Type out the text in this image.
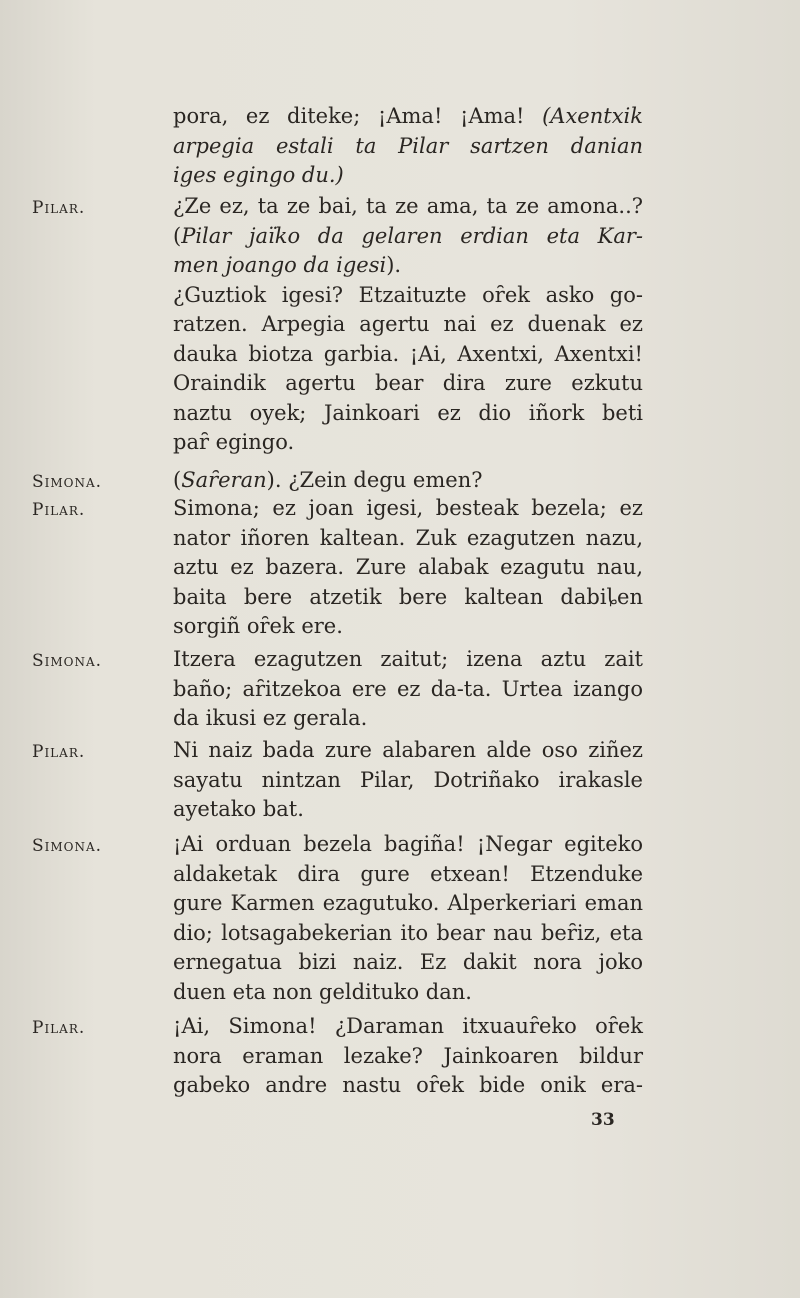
pora, ez diteke; ¡Ama! ¡Ama! (Axentxik
arpegia estali ta Pilar sartzen danian
iges egingo du.)
Pilar.	¿Ze ez, ta ze bai, ta ze ama, ta ze amona..?
(Pilar jaïko da gelaren erdian eta Kar-
men joango da igesi).
¿Guztiok igesi? Etzaituzte oȓek asko go-
ratzen. Arpegia agertu nai ez duenak ez
dauka biotza garbia. ¡Ai, Axentxi, Axentxi!
Oraindik agertu bear dira zure ezkutu
naztu oyek; Jainkoari ez dio iñork beti
paȓ egingo.
Simona.	(Saȓeran). ¿Zein degu emen?
Pilar.	Simona; ez joan igesi, besteak bezela; ez
nator iñoren kaltean. Zuk ezagutzen nazu,
aztu ez bazera. Zure alabak ezagutu nau,
baita bere atzetik bere kaltean dabiȴen
sorgiñ oȓek ere.
Simona.	Itzera ezagutzen zaitut; izena aztu zait
baño; aȓitzekoa ere ez da-ta. Urtea izango
da ikusi ez gerala.
Pilar.	Ni naiz bada zure alabaren alde oso ziñez
sayatu nintzan Pilar, Dotriñako irakasle
ayetako bat.
Simona.	¡Ai orduan bezela bagiña! ¡Negar egiteko
aldaketak dira gure etxean! Etzenduke
gure Karmen ezagutuko. Alperkeriari eman
dio; lotsagabekerian ito bear nau beȓiz, eta
ernegatua bizi naiz. Ez dakit nora joko
duen eta non gelditukο dan.
Pilar.	¡Ai, Simona! ¿Daraman itxuauȓeko oȓek
nora eraman lezake? Jainkoaren bildur
gabeko andre nastu oȓek bide onik era-
33
